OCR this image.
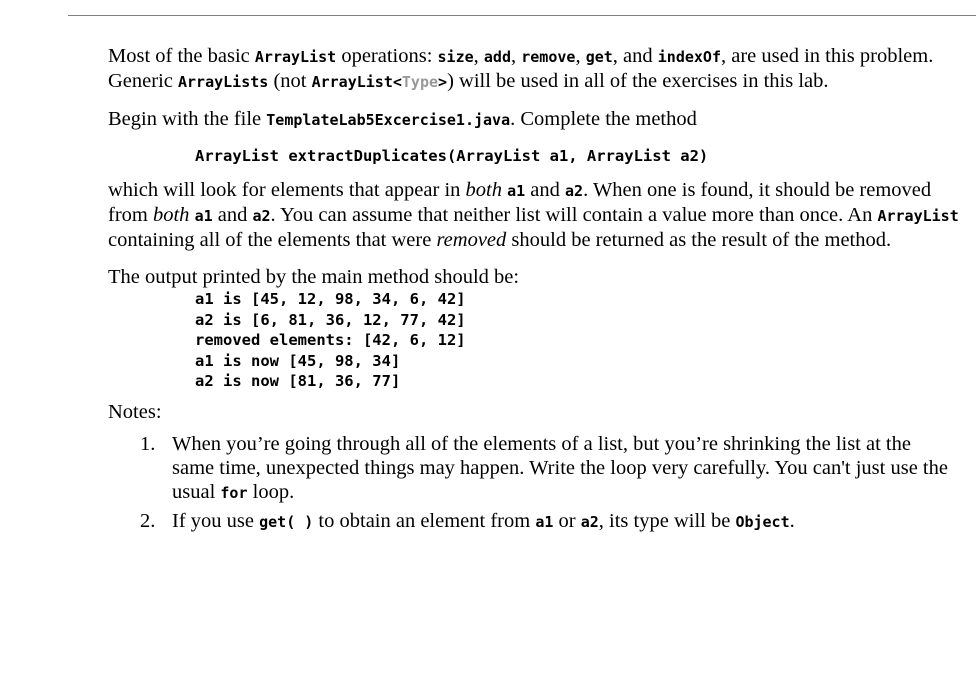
Most of the basic ArrayList operations: size, add, remove, get, and indexOf, are used in this problem. Generic ArrayLists (not ArrayList<Type>) will be used in all of the exercises in this lab.

Begin with the file TemplateLab5Excercise1.java. Complete the method

ArrayList extractDuplicates(ArrayList a1, ArrayList a2)

which will look for elements that appear in both a1 and a2. When one is found, it should be removed from both a1 and a2. You can assume that neither list will contain a value more than once. An ArrayList containing all of the elements that were removed should be returned as the result of the method.

The output printed by the main method should be:

a1 is [45, 12, 98, 34, 6, 42]
a2 is [6, 81, 36, 12, 77, 42]
removed elements: [42, 6, 12]
a1 is now [45, 98, 34]
a2 is now [81, 36, 77]

Notes:

1. When you’re going through all of the elements of a list, but you’re shrinking the list at the same time, unexpected things may happen. Write the loop very carefully. You can't just use the usual for loop.
2. If you use get( ) to obtain an element from a1 or a2, its type will be Object.
